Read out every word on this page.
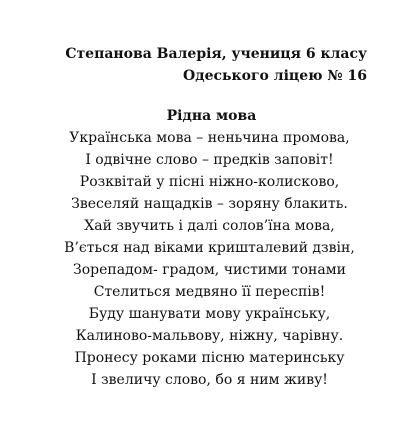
Степанова Валерія, учениця 6 класу
Одеського ліцею № 16
Рідна мова
Українська мова – неньчина промова,
І одвічне слово – предків заповіт!
Розквітай у пісні ніжно-колисково,
Звеселяй нащадків – зоряну блакить.
Хай звучить і далі солов’їна мова,
В’ється над віками кришталевий дзвін,
Зорепадом- градом, чистими тонами
Стелиться медвяно її переспів!
Буду шанувати мову українську,
Калиново-мальвову, ніжну, чарівну.
Пронесу роками пісню материнську
І звеличу слово, бо я ним живу!
